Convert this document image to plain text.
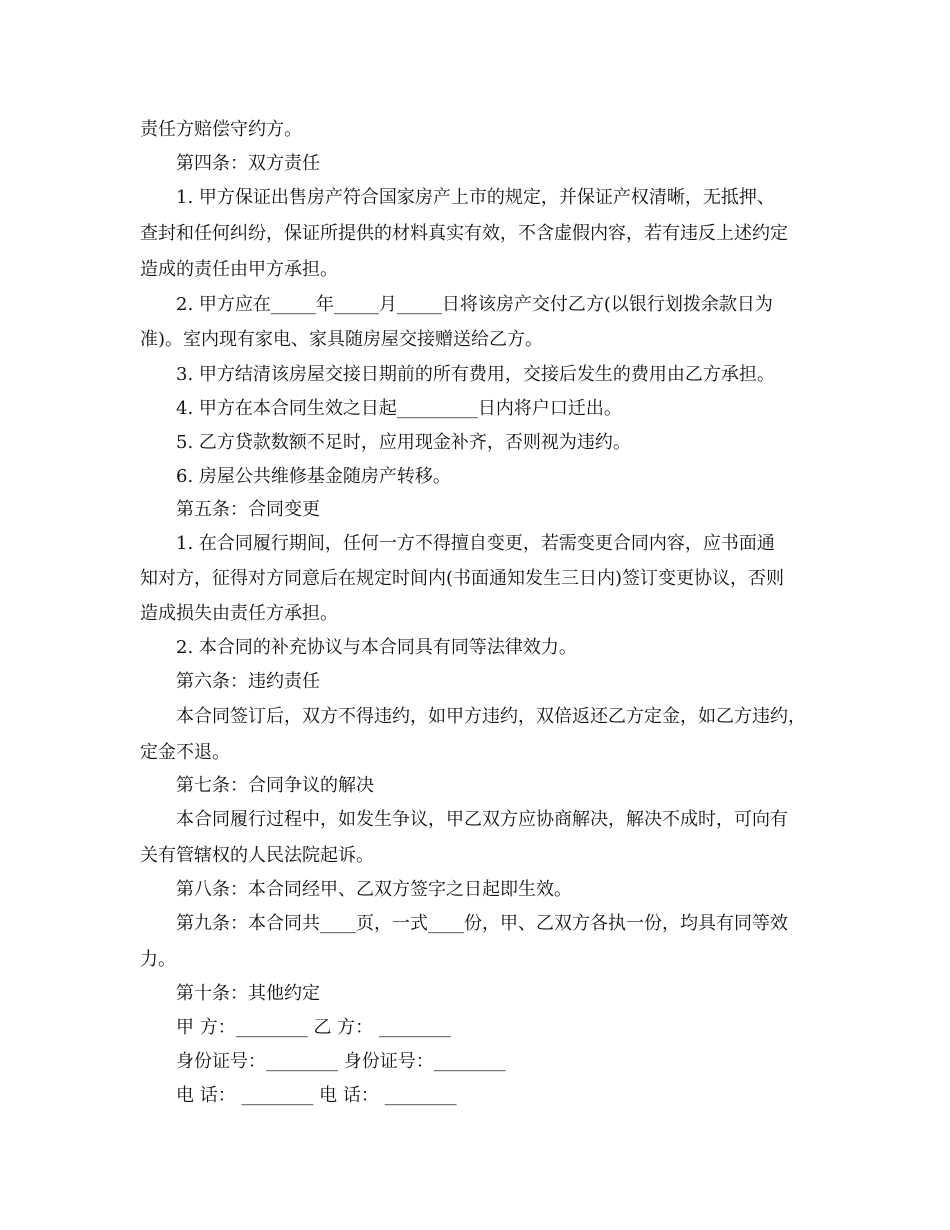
责任方赔偿守约方。
第四条：双方责任
1. 甲方保证出售房产符合国家房产上市的规定，并保证产权清晰，无抵押、
查封和任何纠纷，保证所提供的材料真实有效，不含虚假内容，若有违反上述约定
造成的责任由甲方承担。
2. 甲方应在_____年_____月_____日将该房产交付乙方(以银行划拨余款日为
准)。室内现有家电、家具随房屋交接赠送给乙方。
3. 甲方结清该房屋交接日期前的所有费用，交接后发生的费用由乙方承担。
4. 甲方在本合同生效之日起_________日内将户口迁出。
5. 乙方贷款数额不足时，应用现金补齐，否则视为违约。
6. 房屋公共维修基金随房产转移。
第五条：合同变更
1. 在合同履行期间，任何一方不得擅自变更，若需变更合同内容，应书面通
知对方，征得对方同意后在规定时间内(书面通知发生三日内)签订变更协议，否则
造成损失由责任方承担。
2. 本合同的补充协议与本合同具有同等法律效力。
第六条：违约责任
本合同签订后，双方不得违约，如甲方违约，双倍返还乙方定金，如乙方违约，
定金不退。
第七条：合同争议的解决
本合同履行过程中，如发生争议，甲乙双方应协商解决，解决不成时，可向有
关有管辖权的人民法院起诉。
第八条：本合同经甲、乙双方签字之日起即生效。
第九条：本合同共____页，一式____份，甲、乙双方各执一份，均具有同等效
力。
第十条：其他约定
甲 方：________ 乙 方： ________
身份证号：________ 身份证号：________
电 话： ________ 电 话： ________
